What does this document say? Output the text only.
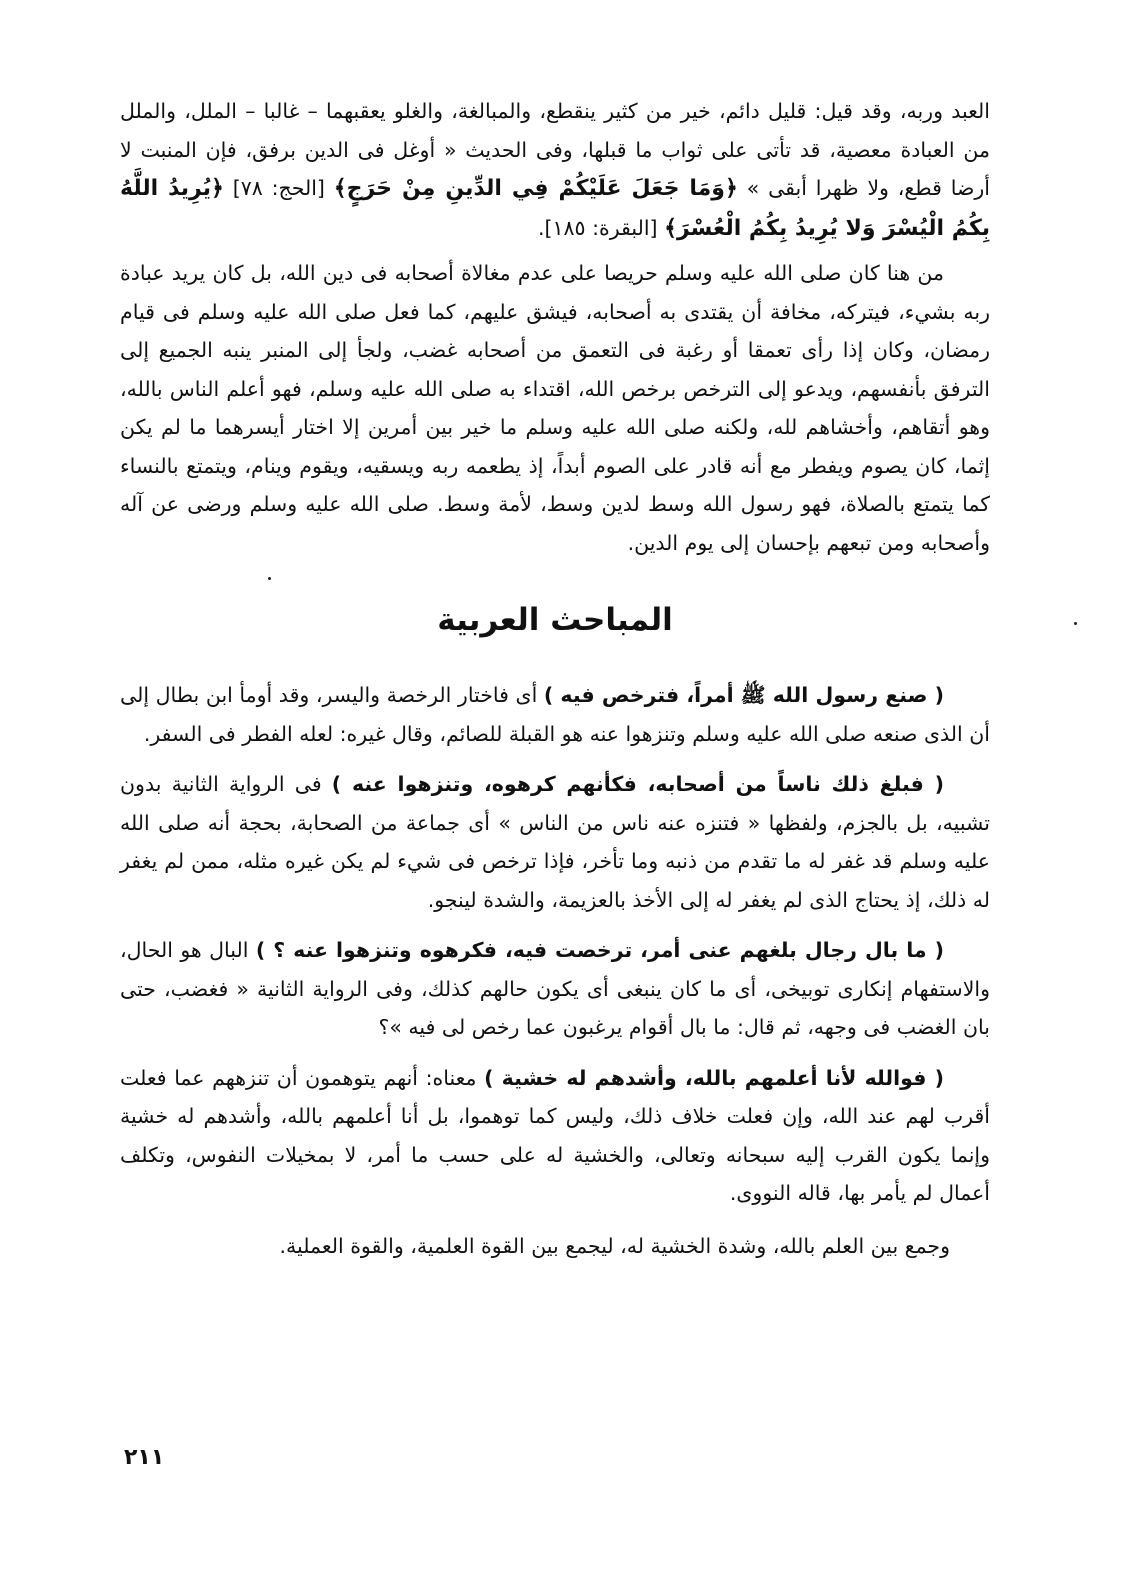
العبد وربه، وقد قيل: قليل دائم، خير من كثير ينقطع، والمبالغة، والغلو يعقبهما – غالبا – الملل، والملل من العبادة معصية، قد تأتى على ثواب ما قبلها، وفى الحديث « أوغل فى الدين برفق، فإن المنبت لا أرضا قطع، ولا ظهرا أبقى » ﴿وَمَا جَعَلَ عَلَيْكُمْ فِي الدِّينِ مِنْ حَرَجٍ﴾ [الحج: ٧٨] ﴿يُرِيدُ اللَّهُ بِكُمُ الْيُسْرَ وَلا يُرِيدُ بِكُمُ الْعُسْرَ﴾ [البقرة: ١٨٥].

من هنا كان صلى الله عليه وسلم حريصا على عدم مغالاة أصحابه فى دين الله، بل كان يريد عبادة ربه بشيء، فيتركه، مخافة أن يقتدى به أصحابه، فيشق عليهم، كما فعل صلى الله عليه وسلم فى قيام رمضان، وكان إذا رأى تعمقا أو رغبة فى التعمق من أصحابه غضب، ولجأ إلى المنبر ينبه الجميع إلى الترفق بأنفسهم، ويدعو إلى الترخص برخص الله، اقتداء به صلى الله عليه وسلم، فهو أعلم الناس بالله، وهو أتقاهم، وأخشاهم لله، ولكنه صلى الله عليه وسلم ما خير بين أمرين إلا اختار أيسرهما ما لم يكن إثما، كان يصوم ويفطر مع أنه قادر على الصوم أبداً، إذ يطعمه ربه ويسقيه، ويقوم وينام، ويتمتع بالنساء كما يتمتع بالصلاة، فهو رسول الله وسط لدين وسط، لأمة وسط. صلى الله عليه وسلم ورضى عن آله وأصحابه ومن تبعهم بإحسان إلى يوم الدين.

المباحث العربية

( صنع رسول الله ﷺ أمراً، فترخص فيه ) أى فاختار الرخصة واليسر، وقد أومأ ابن بطال إلى أن الذى صنعه صلى الله عليه وسلم وتنزهوا عنه هو القبلة للصائم، وقال غيره: لعله الفطر فى السفر.

( فبلغ ذلك ناساً من أصحابه، فكأنهم كرهوه، وتنزهوا عنه ) فى الرواية الثانية بدون تشبيه، بل بالجزم، ولفظها « فتنزه عنه ناس من الناس » أى جماعة من الصحابة، بحجة أنه صلى الله عليه وسلم قد غفر له ما تقدم من ذنبه وما تأخر، فإذا ترخص فى شيء لم يكن غيره مثله، ممن لم يغفر له ذلك، إذ يحتاج الذى لم يغفر له إلى الأخذ بالعزيمة، والشدة لينجو.

( ما بال رجال بلغهم عنى أمر، ترخصت فيه، فكرهوه وتنزهوا عنه ؟ ) البال هو الحال، والاستفهام إنكارى توبيخى، أى ما كان ينبغى أى يكون حالهم كذلك، وفى الرواية الثانية « فغضب، حتى بان الغضب فى وجهه، ثم قال: ما بال أقوام يرغبون عما رخص لى فيه »؟

( فوالله لأنا أعلمهم بالله، وأشدهم له خشية ) معناه: أنهم يتوهمون أن تنزههم عما فعلت أقرب لهم عند الله، وإن فعلت خلاف ذلك، وليس كما توهموا، بل أنا أعلمهم بالله، وأشدهم له خشية وإنما يكون القرب إليه سبحانه وتعالى، والخشية له على حسب ما أمر، لا بمخيلات النفوس، وتكلف أعمال لم يأمر بها، قاله النووى.

وجمع بين العلم بالله، وشدة الخشية له، ليجمع بين القوة العلمية، والقوة العملية.

٢١١
